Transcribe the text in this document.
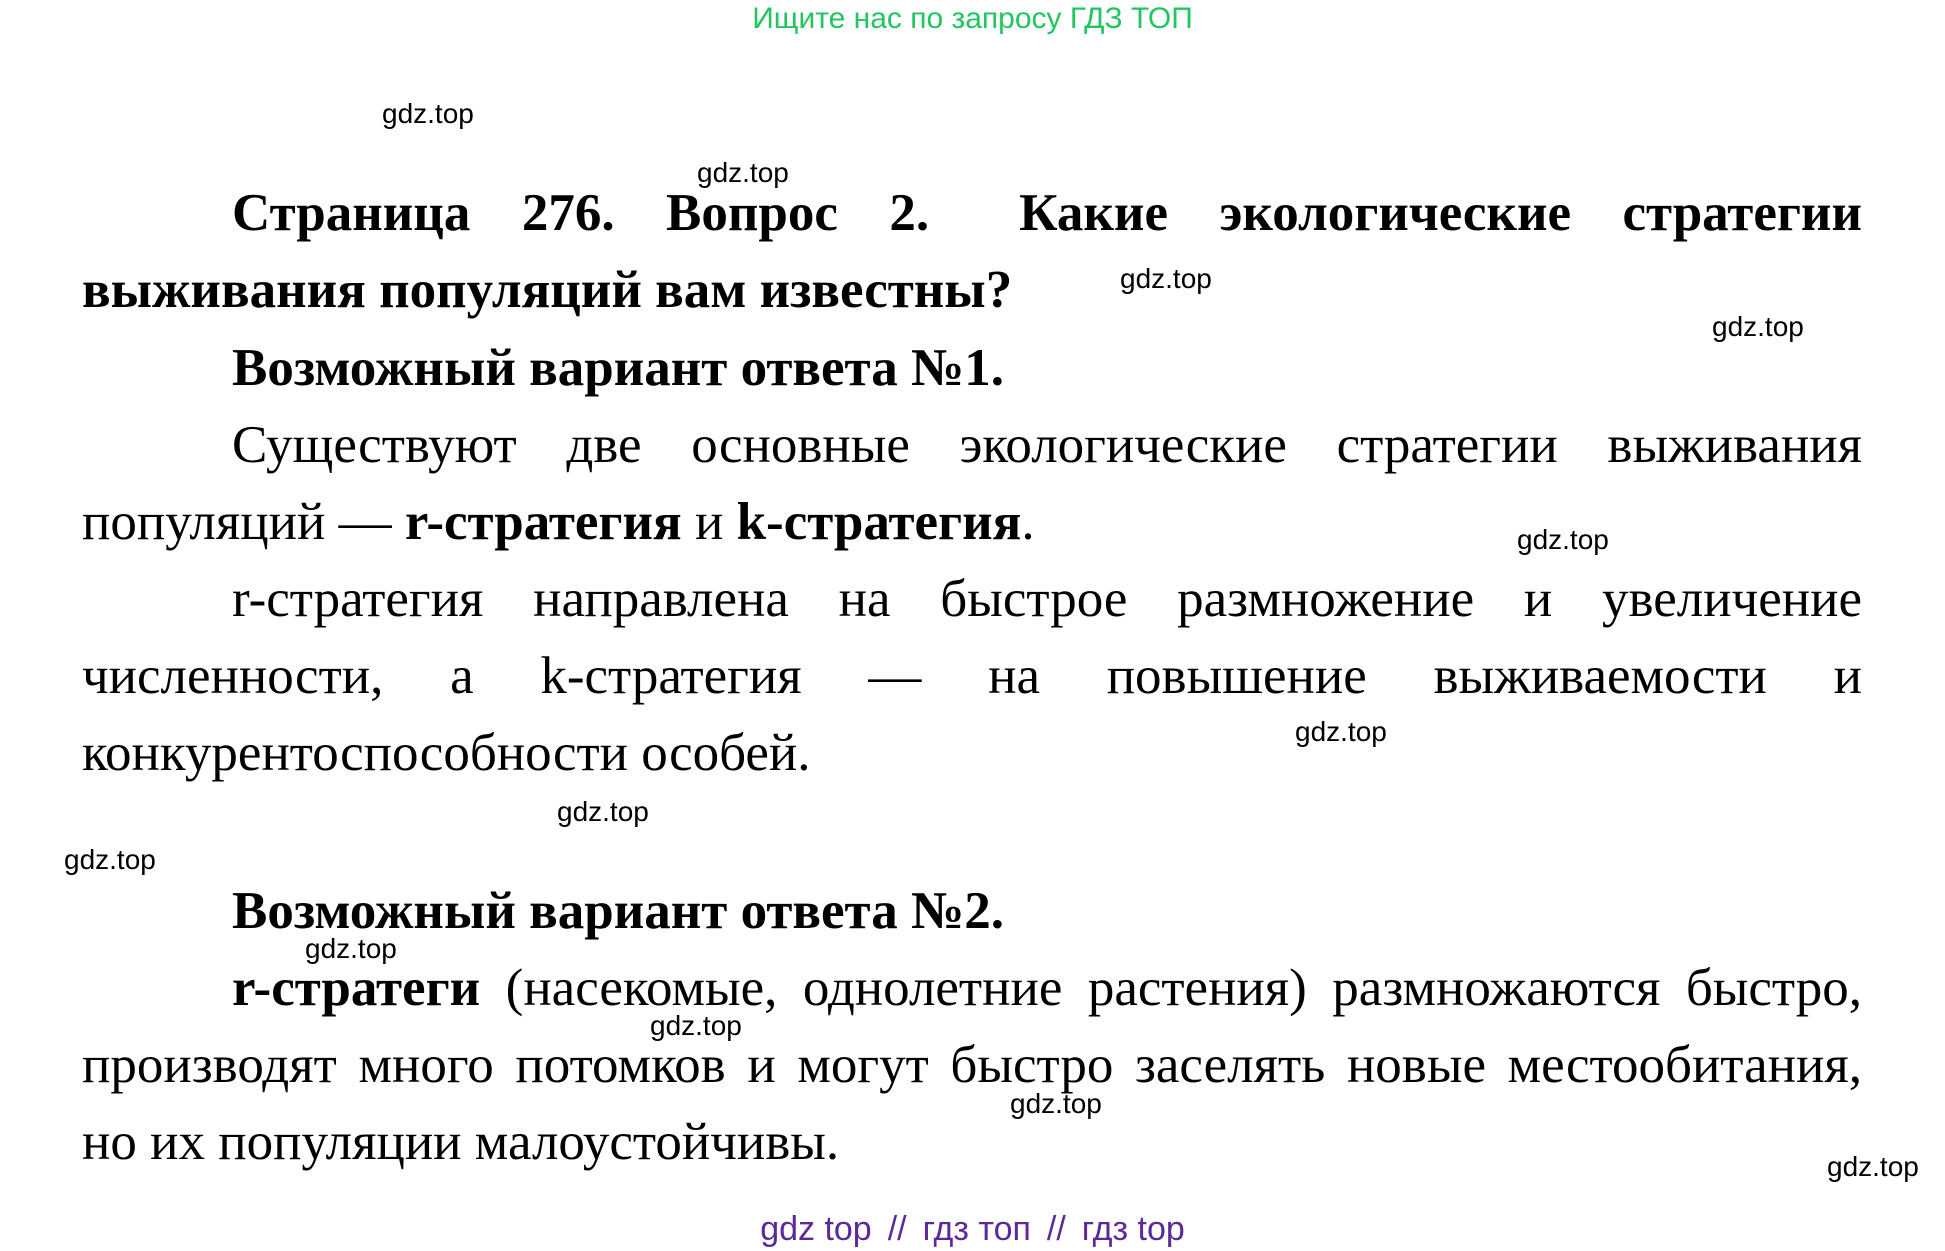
Ищите нас по запросу ГДЗ ТОП
gdz.top
gdz.top
gdz.top
gdz.top
gdz.top
gdz.top
gdz.top
gdz.top
gdz.top
gdz.top
gdz.top
gdz.top
Страница 276. Вопрос 2. Какие экологические стратегии выживания популяций вам известны?
Возможный вариант ответа №1.
Существуют две основные экологические стратегии выживания популяций — r-стратегия и k-стратегия.
r-стратегия направлена на быстрое размножение и увеличение численности, а k-стратегия — на повышение выживаемости и конкурентоспособности особей.
Возможный вариант ответа №2.
r-стратеги (насекомые, однолетние растения) размножаются быстро, производят много потомков и могут быстро заселять новые местообитания, но их популяции малоустойчивы.
gdz top // гдз топ // гдз top
